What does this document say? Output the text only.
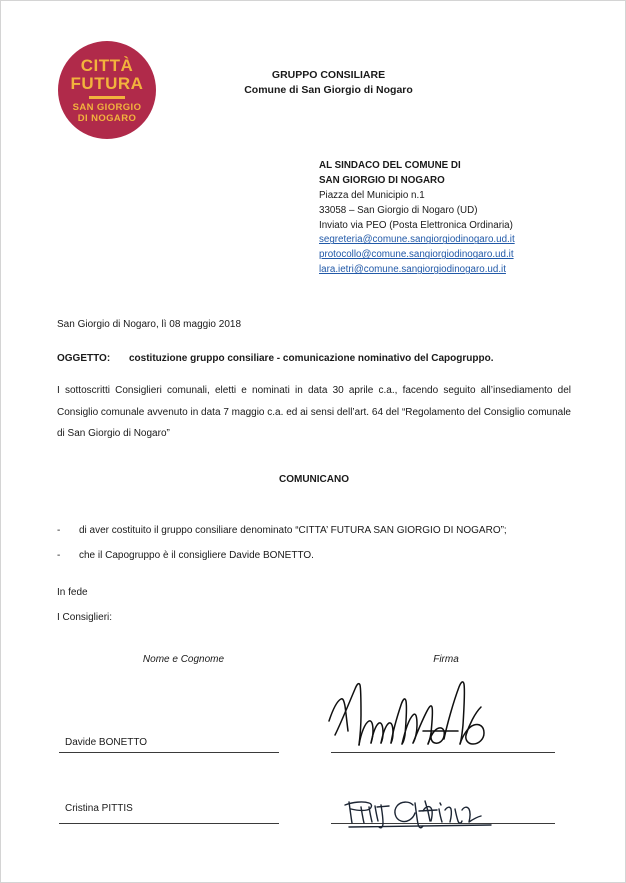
CITTÀ
FUTURA
SAN GIORGIO
DI NOGARO
GRUPPO CONSILIARE
Comune di San Giorgio di Nogaro
AL SINDACO DEL COMUNE DI
SAN GIORGIO DI NOGARO
Piazza del Municipio n.1
33058 – San Giorgio di Nogaro (UD)
Inviato via PEO (Posta Elettronica Ordinaria)
segreteria@comune.sangiorgiodinogaro.ud.it
protocollo@comune.sangiorgiodinogaro.ud.it
lara.ietri@comune.sangiorgiodinogaro.ud.it
San Giorgio di Nogaro, lì 08 maggio 2018
OGGETTO: costituzione gruppo consiliare - comunicazione nominativo del Capogruppo.
I sottoscritti Consiglieri comunali, eletti e nominati in data 30 aprile c.a., facendo seguito all’insediamento del Consiglio comunale avvenuto in data 7 maggio c.a. ed ai sensi dell’art. 64 del “Regolamento del Consiglio comunale di San Giorgio di Nogaro”
COMUNICANO
-	di aver costituito il gruppo consiliare denominato “CITTA’ FUTURA SAN GIORGIO DI NOGARO”;
-	che il Capogruppo è il consigliere Davide BONETTO.
In fede
I Consiglieri:
Nome e Cognome	Firma
Davide BONETTO
Cristina PITTIS
